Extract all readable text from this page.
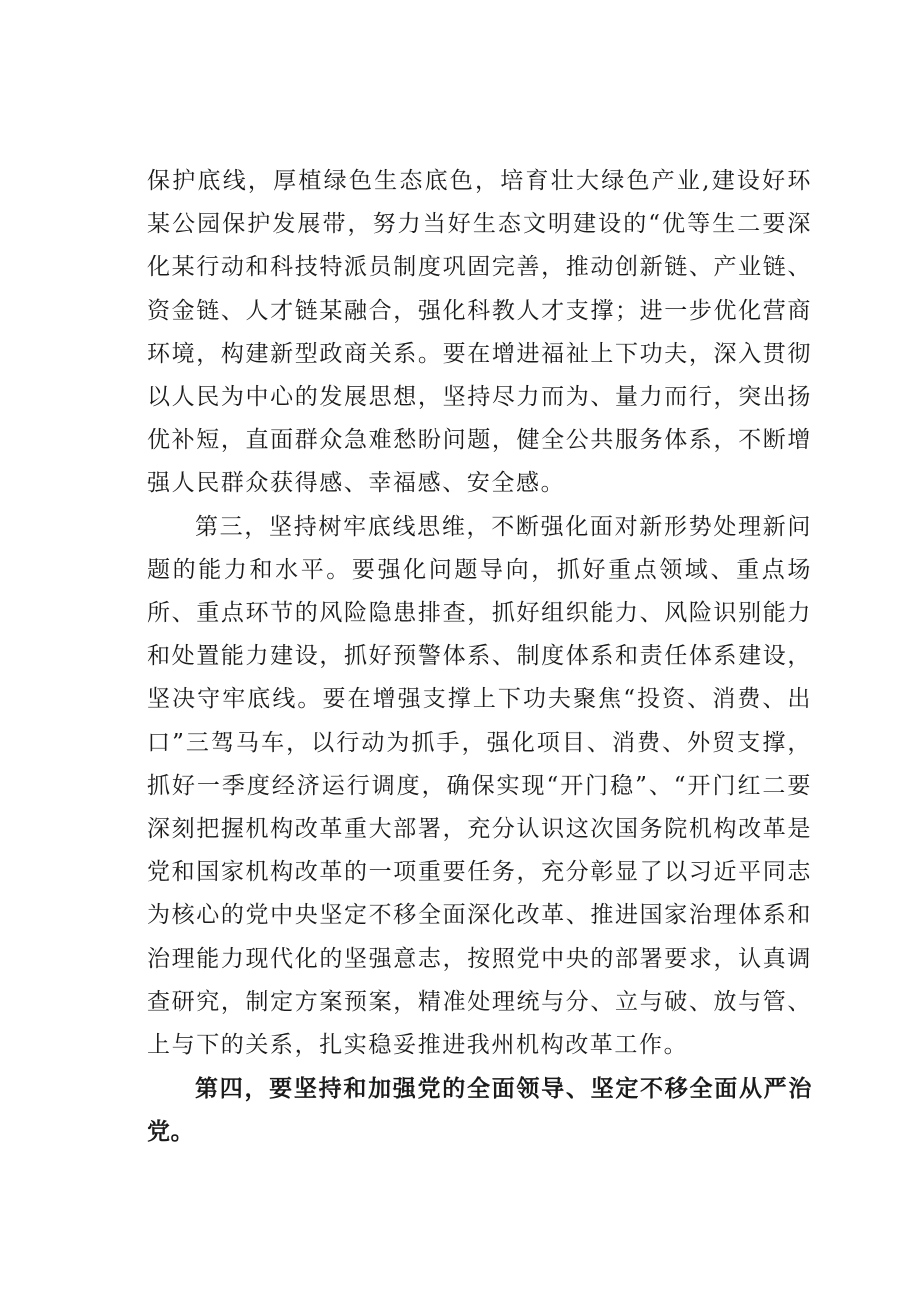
保护底线，厚植绿色生态底色，培育壮大绿色产业,建设好环某公园保护发展带，努力当好生态文明建设的“优等生二要深化某行动和科技特派员制度巩固完善，推动创新链、产业链、资金链、人才链某融合，强化科教人才支撑；进一步优化营商环境，构建新型政商关系。要在增进福祉上下功夫，深入贯彻以人民为中心的发展思想，坚持尽力而为、量力而行，突出扬优补短，直面群众急难愁盼问题，健全公共服务体系，不断增强人民群众获得感、幸福感、安全感。

第三，坚持树牢底线思维，不断强化面对新形势处理新问题的能力和水平。要强化问题导向，抓好重点领域、重点场所、重点环节的风险隐患排查，抓好组织能力、风险识别能力和处置能力建设，抓好预警体系、制度体系和责任体系建设，坚决守牢底线。要在增强支撑上下功夫聚焦“投资、消费、出口”三驾马车，以行动为抓手，强化项目、消费、外贸支撑，抓好一季度经济运行调度，确保实现“开门稳”、“开门红二要深刻把握机构改革重大部署，充分认识这次国务院机构改革是党和国家机构改革的一项重要任务，充分彰显了以习近平同志为核心的党中央坚定不移全面深化改革、推进国家治理体系和治理能力现代化的坚强意志，按照党中央的部署要求，认真调查研究，制定方案预案，精准处理统与分、立与破、放与管、上与下的关系，扎实稳妥推进我州机构改革工作。

第四，要坚持和加强党的全面领导、坚定不移全面从严治党。
